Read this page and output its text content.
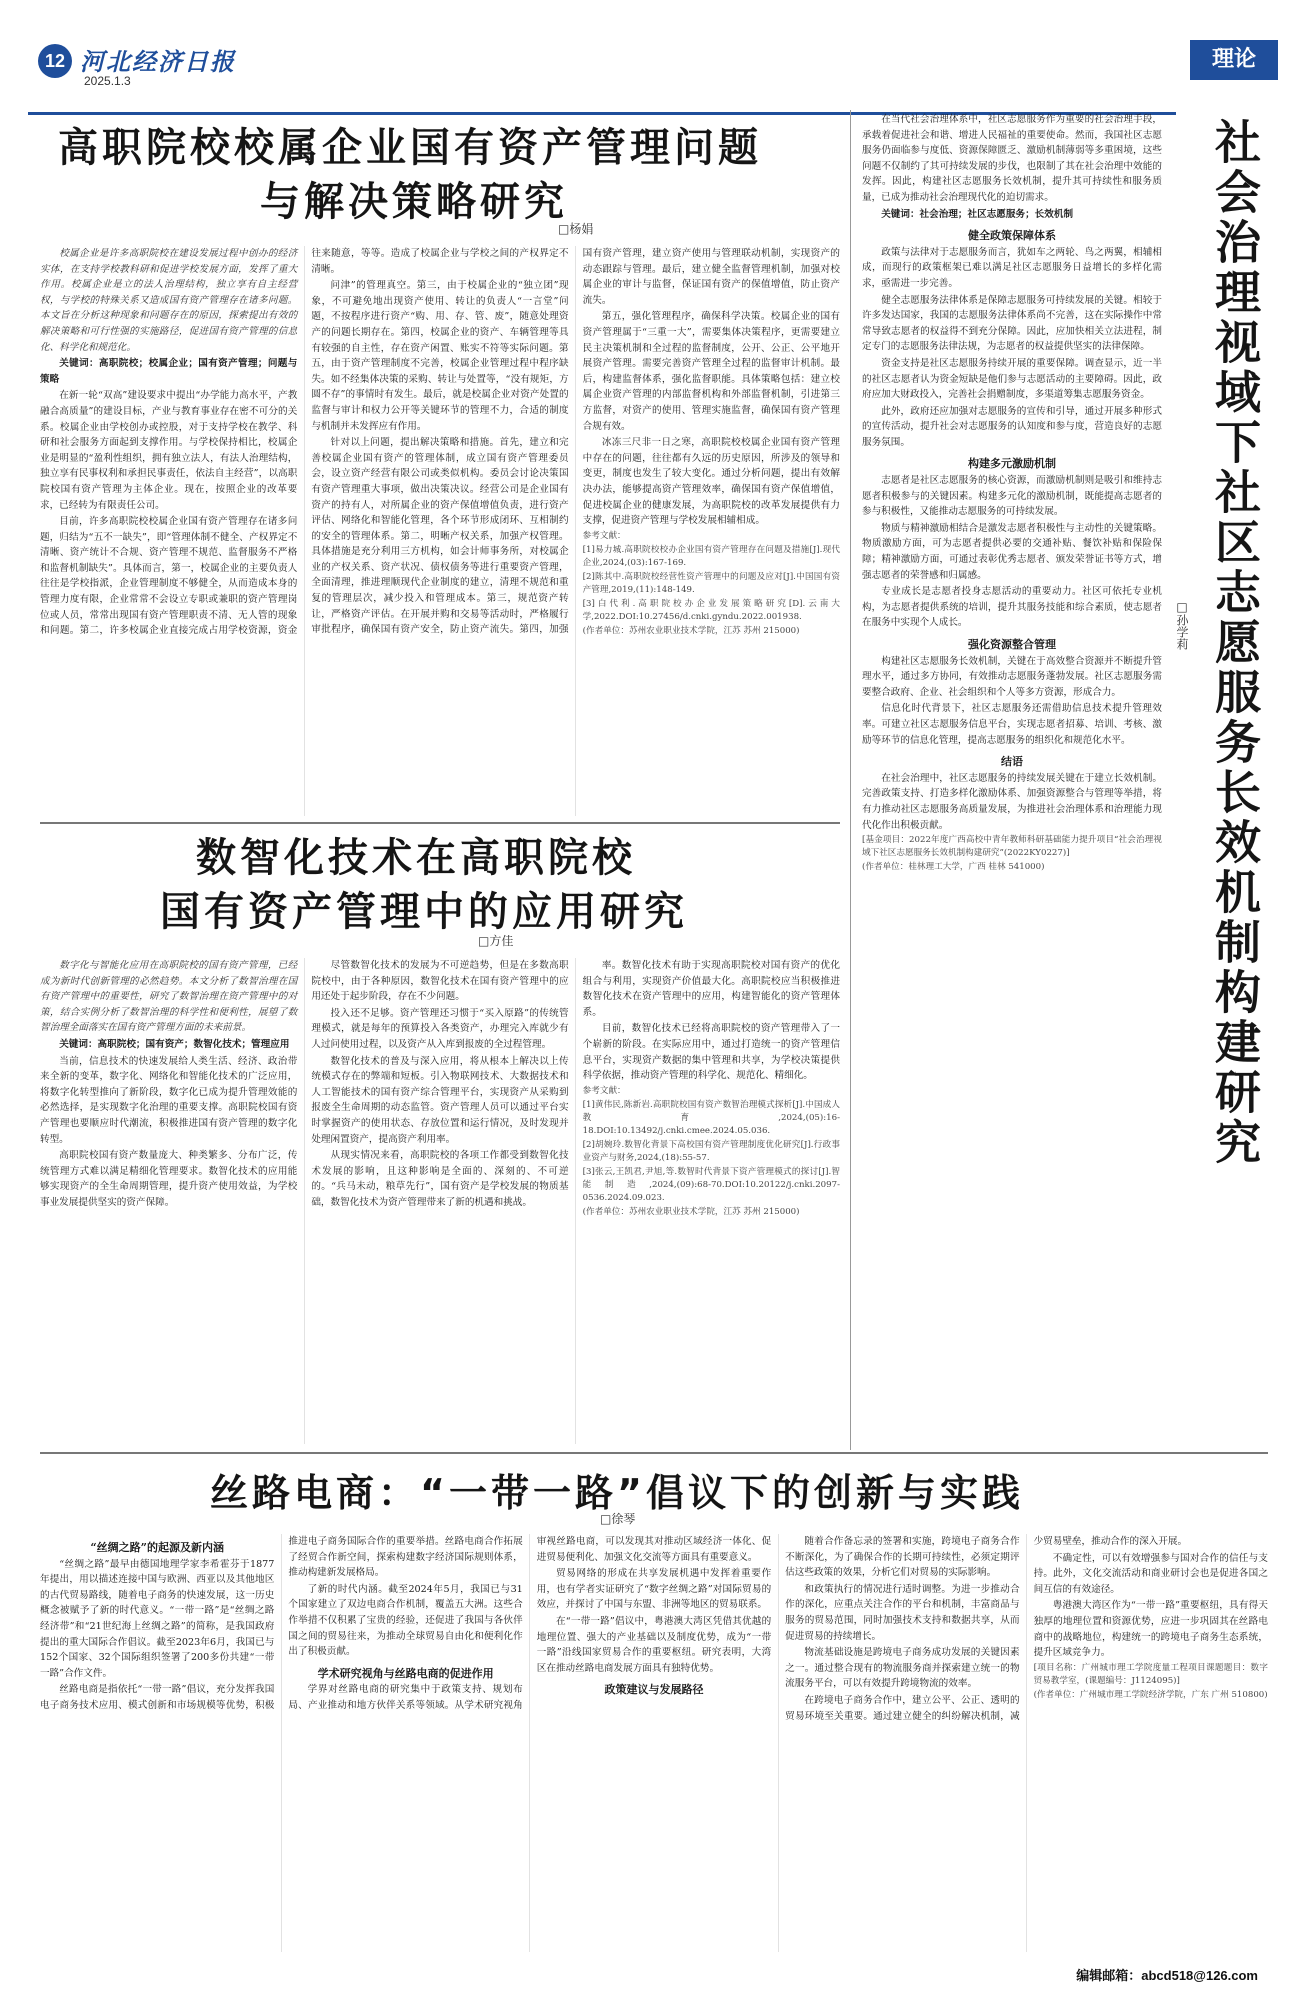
12 河北经济日报
2025.1.3
理论
高职院校校属企业国有资产管理问题
与解决策略研究
□杨娟

校属企业是许多高职院校在建设发展过程中创办的经济实体，在支持学校教科研和促进学校发展方面，发挥了重大作用。校属企业是立的法人治理结构，独立享有自主经营权，与学校的特殊关系又造成国有资产管理存在诸多问题。本文旨在分析这种现象和问题存在的原因，探索提出有效的解决策略和可行性强的实施路径，促进国有资产管理的信息化、科学化和规范化。

关键词：高职院校；校属企业；国有资产管理；问题与策略

在新一轮“双高”建设要求中提出“办学能力高水平，产教融合高质量”的建设目标，产业与教育事业存在密不可分的关系。校属企业由学校创办或控股，对于支持学校在教学、科研和社会服务方面起到支撑作用。与学校保持相比，校属企业是明显的“盈利性组织，拥有独立法人，有法人治理结构，独立享有民事权利和承担民事责任，依法自主经营”，以高职院校国有资产管理为主体企业。现在，按照企业的改革要求，已经转为有限责任公司。

目前，许多高职院校校属企业国有资产管理存在诸多问题，归结为“五不一缺失”，即“管理体制不健全、产权界定不清晰、资产统计不合规、资产管理不规范、监督服务不严格和监督机制缺失”。具体而言，第一，校属企业的主要负责人往往是学校指派，企业管理制度不够健全，从而造成本身的管理力度有限，企业常常不会设立专职或兼职的资产管理岗位或人员，常常出现国有资产管理职责不清、无人管的现象和问题。第二，许多校属企业直接完成占用学校资源，资金往来随意，等等。造成了校属企业与学校之间的产权界定不清晰。

问津”的管理真空。第三，由于校属企业的“独立团”现象，不可避免地出现资产使用、转让的负责人“一言堂”问题，不按程序进行资产“购、用、存、管、废”，随意处理资产的问题长期存在。第四，校属企业的资产、车辆管理等具有较强的自主性，存在资产闲置、账实不符等实际问题。第五，由于资产管理制度不完善，校属企业管理过程中程序缺失。如不经集体决策的采购、转让与处置等，“没有规矩，方圆不存”的事情时有发生。最后，就是校属企业对资产处置的监督与审计和权力公开等关键环节的管理不力，合适的制度与机制并未发挥应有作用。

针对以上问题，提出解决策略和措施。首先，建立和完善校属企业国有资产的管理体制，成立国有资产管理委员会，设立资产经营有限公司或类似机构。委员会讨论决策国有资产管理重大事项，做出决策决议。经营公司是企业国有资产的持有人，对所属企业的资产保值增值负责，进行资产评估、网络化和智能化管理，各个环节形成闭环、互相制约的安全的管理体系。第二，明晰产权关系，加强产权管理。具体措施是充分利用三方机构，如会计师事务所，对校属企业的产权关系、资产状况、债权债务等进行重要资产管理，全面清理，推进理顺现代企业制度的建立，清理不规范和重复的管理层次，减少投入和管理成本。第三，规范资产转让，严格资产评估。在开展并购和交易等活动时，严格履行审批程序，确保国有资产安全，防止资产流失。第四，加强国有资产管理，建立资产使用与管理联动机制，实现资产的动态跟踪与管理。最后，建立健全监督管理机制，加强对校属企业的审计与监督，保证国有资产的保值增值，防止资产流失。

第五，强化管理程序，确保科学决策。校属企业的国有资产管理属于“三重一大”，需要集体决策程序，更需要建立民主决策机制和全过程的监督制度，公开、公正、公平地开展资产管理。需要完善资产管理全过程的监督审计机制。最后，构建监督体系，强化监督职能。具体策略包括：建立校属企业资产管理的内部监督机构和外部监督机制，引进第三方监督，对资产的使用、管理实施监督，确保国有资产管理合规有效。

冰冻三尺非一日之寒，高职院校校属企业国有资产管理中存在的问题，往往都有久远的历史原因，所涉及的领导和变更，制度也发生了较大变化。通过分析问题，提出有效解决办法，能够提高资产管理效率，确保国有资产保值增值，促进校属企业的健康发展，为高职院校的改革发展提供有力支撑，促进资产管理与学校发展相辅相成。

参考文献：

[1]易力城.高职院校校办企业国有资产管理存在问题及措施[J].现代企业,2024,(03):167-169.

[2]陈其中.高职院校经营性资产管理中的问题及应对[J].中国国有资产管理,2019,(11):148-149.

[3]白代利.高职院校办企业发展策略研究[D].云南大学,2022.DOI:10.27456/d.cnki.gyndu.2022.001938.

(作者单位：苏州农业职业技术学院，江苏 苏州 215000)

数智化技术在高职院校
国有资产管理中的应用研究
□方佳

数字化与智能化应用在高职院校的国有资产管理，已经成为新时代创新管理的必然趋势。本文分析了数智治理在国有资产管理中的重要性，研究了数智治理在资产管理中的对策，结合实例分析了数智治理的科学性和便利性，展望了数智治理全面落实在国有资产管理方面的未来前景。

关键词：高职院校；国有资产；数智化技术；管理应用

当前，信息技术的快速发展给人类生活、经济、政治带来全新的变革，数字化、网络化和智能化技术的广泛应用，将数字化转型推向了新阶段，数字化已成为提升管理效能的必然选择，是实现数字化治理的重要支撑。高职院校国有资产管理也要顺应时代潮流，积极推进国有资产管理的数字化转型。

高职院校国有资产数量庞大、种类繁多、分布广泛，传统管理方式难以满足精细化管理要求。数智化技术的应用能够实现资产的全生命周期管理，提升资产使用效益，为学校事业发展提供坚实的资产保障。

尽管数智化技术的发展为不可逆趋势，但是在多数高职院校中，由于各种原因，数智化技术在国有资产管理中的应用还处于起步阶段，存在不少问题。

投入还不足够。资产管理还习惯于“买入原路”的传统管理模式，就是每年的预算投入各类资产，办理完入库就少有人过问使用过程，以及资产从入库到报废的全过程管理。

数智化技术的普及与深入应用，将从根本上解决以上传统模式存在的弊端和短板。引入物联网技术、大数据技术和人工智能技术的国有资产综合管理平台，实现资产从采购到报废全生命周期的动态监管。资产管理人员可以通过平台实时掌握资产的使用状态、存放位置和运行情况，及时发现并处理闲置资产，提高资产利用率。

从现实情况来看，高职院校的各项工作都受到数智化技术发展的影响，且这种影响是全面的、深刻的、不可逆的。“兵马未动，粮草先行”，国有资产是学校发展的物质基础，数智化技术为资产管理带来了新的机遇和挑战。

率。数智化技术有助于实现高职院校对国有资产的优化组合与利用，实现资产价值最大化。高职院校应当积极推进数智化技术在资产管理中的应用，构建智能化的资产管理体系。

目前，数智化技术已经将高职院校的资产管理带入了一个崭新的阶段。在实际应用中，通过打造统一的资产管理信息平台，实现资产数据的集中管理和共享，为学校决策提供科学依据，推动资产管理的科学化、规范化、精细化。

参考文献：

[1]黄伟民,陈新岩.高职院校国有资产数智治理模式探析[J].中国成人教育,2024,(05):16-18.DOI:10.13492/j.cnki.cmee.2024.05.036.

[2]胡婉玲.数智化背景下高校国有资产管理制度优化研究[J].行政事业资产与财务,2024,(18):55-57.

[3]张云,王凯君,尹旭,等.数智时代背景下资产管理模式的探讨[J].智能制造,2024,(09):68-70.DOI:10.20122/j.cnki.2097-0536.2024.09.023.

(作者单位：苏州农业职业技术学院，江苏 苏州 215000)

在当代社会治理体系中，社区志愿服务作为重要的社会治理手段，承载着促进社会和谐、增进人民福祉的重要使命。然而，我国社区志愿服务仍面临参与度低、资源保障匮乏、激励机制薄弱等多重困境，这些问题不仅制约了其可持续发展的步伐，也限制了其在社会治理中效能的发挥。因此，构建社区志愿服务长效机制，提升其可持续性和服务质量，已成为推动社会治理现代化的迫切需求。

关键词：社会治理；社区志愿服务；长效机制

健全政策保障体系

政策与法律对于志愿服务而言，犹如车之两轮、鸟之两翼，相辅相成，而现行的政策框架已难以满足社区志愿服务日益增长的多样化需求，亟需进一步完善。

健全志愿服务法律体系是保障志愿服务可持续发展的关键。相较于许多发达国家，我国的志愿服务法律体系尚不完善，这在实际操作中常常导致志愿者的权益得不到充分保障。因此，应加快相关立法进程，制定专门的志愿服务法律法规，为志愿者的权益提供坚实的法律保障。

资金支持是社区志愿服务持续开展的重要保障。调查显示，近一半的社区志愿者认为资金短缺是他们参与志愿活动的主要障碍。因此，政府应加大财政投入，完善社会捐赠制度，多渠道筹集志愿服务资金。

此外，政府还应加强对志愿服务的宣传和引导，通过开展多种形式的宣传活动，提升社会对志愿服务的认知度和参与度，营造良好的志愿服务氛围。

构建多元激励机制

志愿者是社区志愿服务的核心资源，而激励机制则是吸引和维持志愿者积极参与的关键因素。构建多元化的激励机制，既能提高志愿者的参与积极性，又能推动志愿服务的可持续发展。

物质与精神激励相结合是激发志愿者积极性与主动性的关键策略。物质激励方面，可为志愿者提供必要的交通补贴、餐饮补贴和保险保障；精神激励方面，可通过表彰优秀志愿者、颁发荣誉证书等方式，增强志愿者的荣誉感和归属感。

专业成长是志愿者投身志愿活动的重要动力。社区可依托专业机构，为志愿者提供系统的培训，提升其服务技能和综合素质，使志愿者在服务中实现个人成长。

强化资源整合管理

构建社区志愿服务长效机制，关键在于高效整合资源并不断提升管理水平，通过多方协同，有效推动志愿服务蓬勃发展。社区志愿服务需要整合政府、企业、社会组织和个人等多方资源，形成合力。

信息化时代背景下，社区志愿服务还需借助信息技术提升管理效率。可建立社区志愿服务信息平台，实现志愿者招募、培训、考核、激励等环节的信息化管理，提高志愿服务的组织化和规范化水平。

结语

在社会治理中，社区志愿服务的持续发展关键在于建立长效机制。完善政策支持、打造多样化激励体系、加强资源整合与管理等举措，将有力推动社区志愿服务高质量发展，为推进社会治理体系和治理能力现代化作出积极贡献。

[基金项目：2022年度广西高校中青年教师科研基础能力提升项目“社会治理视域下社区志愿服务长效机制构建研究”(2022KY0227)]

(作者单位：桂林理工大学，广西 桂林 541000)	社会治理视域下社区志愿服务长效机制构建研究
□孙学莉
丝路电商：“一带一路”倡议下的创新与实践
□徐琴

“丝绸之路”的起源及新内涵

“丝绸之路”最早由德国地理学家李希霍芬于1877年提出，用以描述连接中国与欧洲、西亚以及其他地区的古代贸易路线，随着电子商务的快速发展，这一历史概念被赋予了新的时代意义。“一带一路”是“丝绸之路经济带”和“21世纪海上丝绸之路”的简称，是我国政府提出的重大国际合作倡议。截至2023年6月，我国已与152个国家、32个国际组织签署了200多份共建“一带一路”合作文件。

丝路电商是指依托“一带一路”倡议，充分发挥我国电子商务技术应用、模式创新和市场规模等优势，积极推进电子商务国际合作的重要举措。丝路电商合作拓展了经贸合作新空间，探索构建数字经济国际规则体系，推动构建新发展格局。

了新的时代内涵。截至2024年5月，我国已与31个国家建立了双边电商合作机制，覆盖五大洲。这些合作举措不仅积累了宝贵的经验，还促进了我国与各伙伴国之间的贸易往来，为推动全球贸易自由化和便利化作出了积极贡献。

学术研究视角与丝路电商的促进作用

学界对丝路电商的研究集中于政策支持、规划布局、产业推动和地方伙伴关系等领域。从学术研究视角审视丝路电商，可以发现其对推动区域经济一体化、促进贸易便利化、加强文化交流等方面具有重要意义。

贸易网络的形成在共享发展机遇中发挥着重要作用，也有学者实证研究了“数字丝绸之路”对国际贸易的效应，并探讨了中国与东盟、非洲等地区的贸易联系。

在“一带一路”倡议中，粤港澳大湾区凭借其优越的地理位置、强大的产业基础以及制度优势，成为“一带一路”沿线国家贸易合作的重要枢纽。研究表明，大湾区在推动丝路电商发展方面具有独特优势。

政策建议与发展路径

随着合作备忘录的签署和实施，跨境电子商务合作不断深化，为了确保合作的长期可持续性，必须定期评估这些政策的效果，分析它们对贸易的实际影响。

和政策执行的情况进行适时调整。为进一步推动合作的深化，应重点关注合作的平台和机制，丰富商品与服务的贸易范围，同时加强技术支持和数据共享，从而促进贸易的持续增长。

物流基础设施是跨境电子商务成功发展的关键因素之一。通过整合现有的物流服务商并探索建立统一的物流服务平台，可以有效提升跨境物流的效率。

在跨境电子商务合作中，建立公平、公正、透明的贸易环境至关重要。通过建立健全的纠纷解决机制，减少贸易壁垒，推动合作的深入开展。

不确定性，可以有效增强参与国对合作的信任与支持。此外，文化交流活动和商业研讨会也是促进各国之间互信的有效途径。

粤港澳大湾区作为“一带一路”重要枢纽，具有得天独厚的地理位置和资源优势，应进一步巩固其在丝路电商中的战略地位，构建统一的跨境电子商务生态系统，提升区域竞争力。

[项目名称：广州城市理工学院度量工程项目课题题目：数字贸易教学室，(课题编号：J1124095)]

(作者单位：广州城市理工学院经济学院，广东 广州 510800)

编辑邮箱：abcd518@126.com
